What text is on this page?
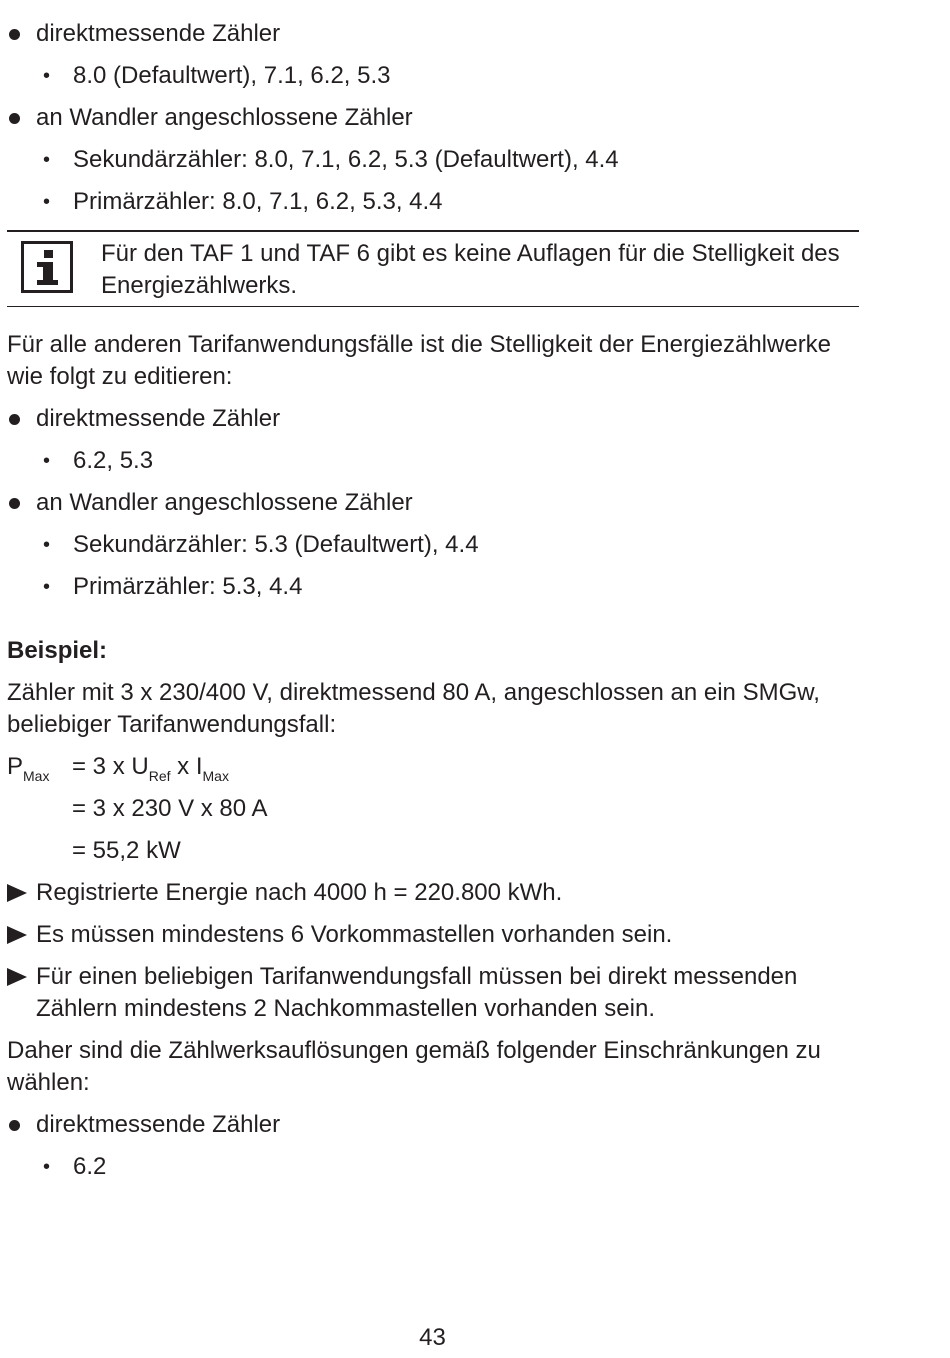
direktmessende Zähler
• 8.0 (Defaultwert), 7.1, 6.2, 5.3
an Wandler angeschlossene Zähler
• Sekundärzähler: 8.0, 7.1, 6.2, 5.3 (Defaultwert), 4.4
• Primärzähler: 8.0, 7.1, 6.2, 5.3, 4.4
Für den TAF 1 und TAF 6 gibt es keine Auflagen für die Stelligkeit des Energiezählwerks.
Für alle anderen Tarifanwendungsfälle ist die Stelligkeit der Energiezählwerke wie folgt zu editieren:
direktmessende Zähler
• 6.2, 5.3
an Wandler angeschlossene Zähler
• Sekundärzähler: 5.3 (Defaultwert), 4.4
• Primärzähler: 5.3, 4.4
Beispiel:
Zähler mit 3 x 230/400 V, direktmessend 80 A, angeschlossen an ein SMGw, beliebiger Tarifanwendungsfall:
$P_{Max} = 3$ x $U_{Ref}$ x $I_{Max}$
= 3 x 230 V x 80 A
= 55,2 kW
Registrierte Energie nach 4000 h = 220.800 kWh.
Es müssen mindestens 6 Vorkommastellen vorhanden sein.
Für einen beliebigen Tarifanwendungsfall müssen bei direkt messenden Zählern mindestens 2 Nachkommastellen vorhanden sein.
Daher sind die Zählwerksauflösungen gemäß folgender Einschränkungen zu wählen:
direktmessende Zähler
• 6.2
43
